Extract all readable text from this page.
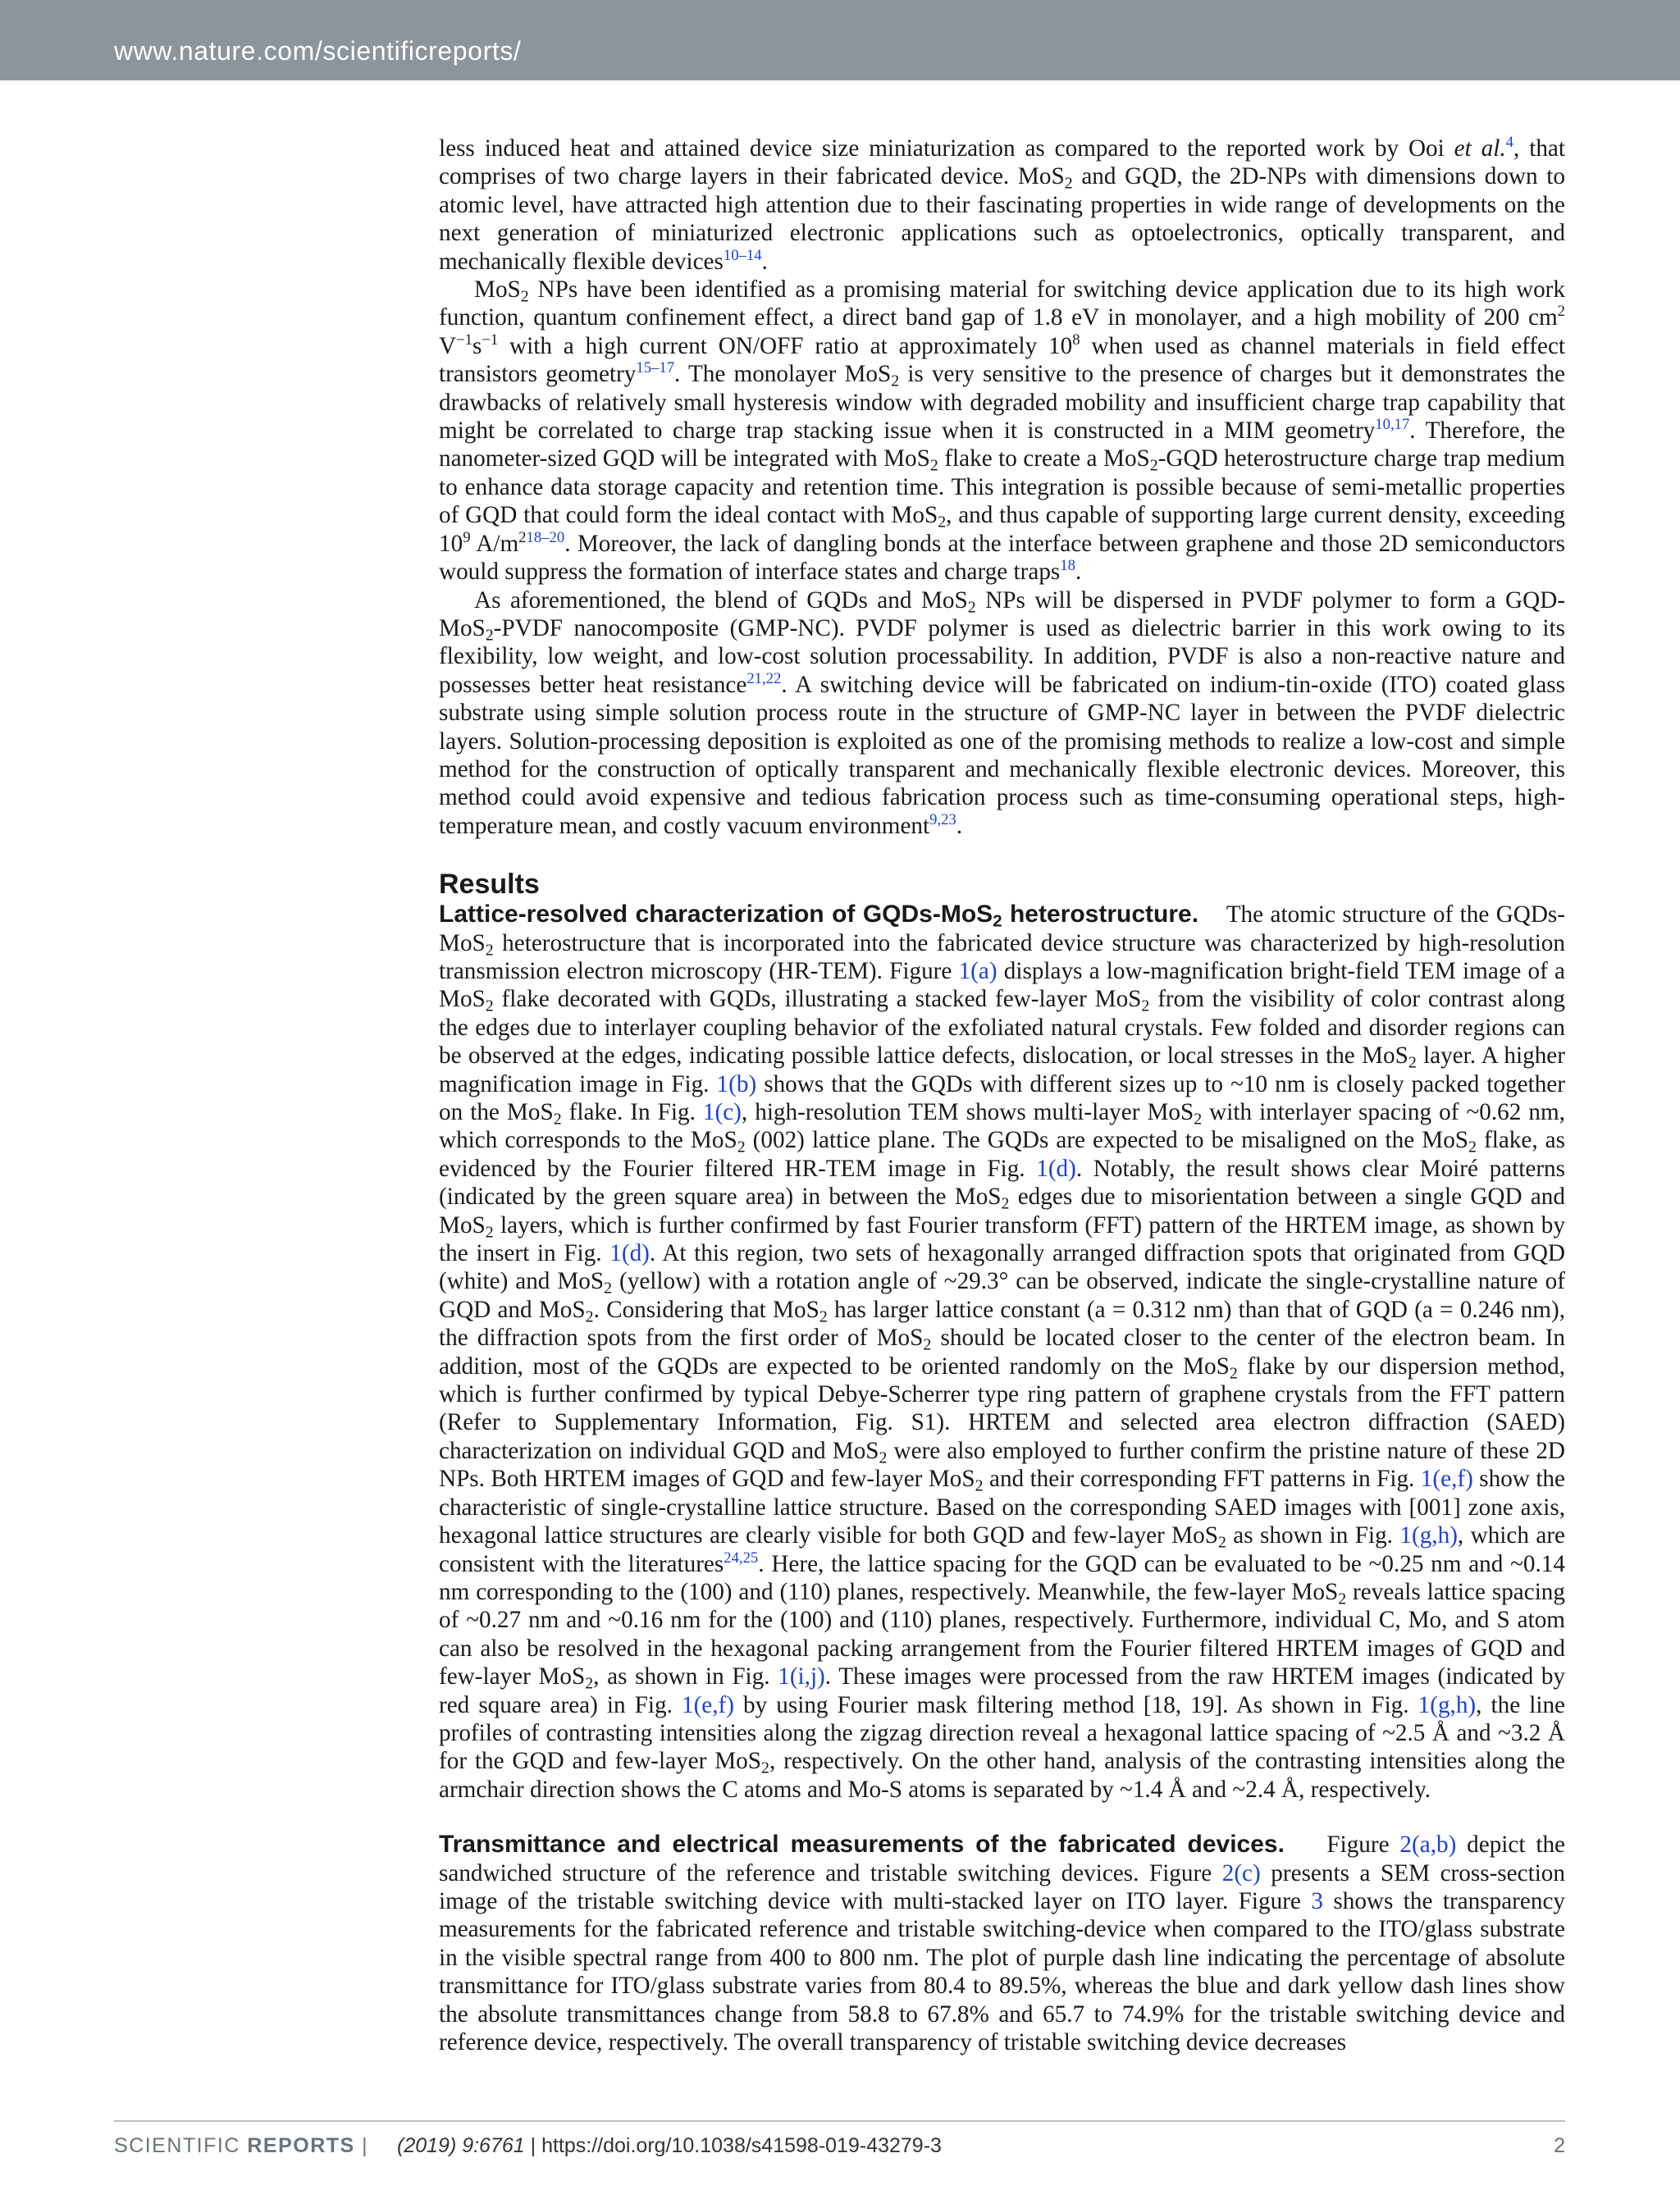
www.nature.com/scientificreports/

less induced heat and attained device size miniaturization as compared to the reported work by Ooi et al.$^4$, that comprises of two charge layers in their fabricated device. MoS$_2$ and GQD, the 2D-NPs with dimensions down to atomic level, have attracted high attention due to their fascinating properties in wide range of developments on the next generation of miniaturized electronic applications such as optoelectronics, optically transparent, and mechanically flexible devices$^{10-14}$.

MoS$_2$ NPs have been identified as a promising material for switching device application due to its high work function, quantum confinement effect, a direct band gap of 1.8 eV in monolayer, and a high mobility of 200 $cm^2$ $V^{-1}s^{-1}$ with a high current ON/OFF ratio at approximately $10^8$ when used as channel materials in field effect transistors geometry$^{15-17}$. The monolayer MoS$_2$ is very sensitive to the presence of charges but it demonstrates the drawbacks of relatively small hysteresis window with degraded mobility and insufficient charge trap capability that might be correlated to charge trap stacking issue when it is constructed in a MIM geometry$^{10,17}$. Therefore, the nanometer-sized GQD will be integrated with MoS$_2$ flake to create a MoS$_2$-GQD heterostructure charge trap medium to enhance data storage capacity and retention time. This integration is possible because of semi-metallic properties of GQD that could form the ideal contact with MoS$_2$, and thus capable of supporting large current density, exceeding $10^9$ A/m$^{218-20}$. Moreover, the lack of dangling bonds at the interface between graphene and those 2D semiconductors would suppress the formation of interface states and charge traps$^{18}$.

As aforementioned, the blend of GQDs and MoS$_2$ NPs will be dispersed in PVDF polymer to form a GQD-MoS$_2$-PVDF nanocomposite (GMP-NC). PVDF polymer is used as dielectric barrier in this work owing to its flexibility, low weight, and low-cost solution processability. In addition, PVDF is also a non-reactive nature and possesses better heat resistance$^{21,22}$. A switching device will be fabricated on indium-tin-oxide (ITO) coated glass substrate using simple solution process route in the structure of GMP-NC layer in between the PVDF dielectric layers. Solution-processing deposition is exploited as one of the promising methods to realize a low-cost and simple method for the construction of optically transparent and mechanically flexible electronic devices. Moreover, this method could avoid expensive and tedious fabrication process such as time-consuming operational steps, high-temperature mean, and costly vacuum environment$^{9,23}$.

Results

Lattice-resolved characterization of GQDs-MoS$_2$ heterostructure. The atomic structure of the GQDs-MoS$_2$ heterostructure that is incorporated into the fabricated device structure was characterized by high-resolution transmission electron microscopy (HR-TEM). Figure 1(a) displays a low-magnification bright-field TEM image of a MoS$_2$ flake decorated with GQDs, illustrating a stacked few-layer MoS$_2$ from the visibility of color contrast along the edges due to interlayer coupling behavior of the exfoliated natural crystals. Few folded and disorder regions can be observed at the edges, indicating possible lattice defects, dislocation, or local stresses in the MoS$_2$ layer. A higher magnification image in Fig. 1(b) shows that the GQDs with different sizes up to ~10 nm is closely packed together on the MoS$_2$ flake. In Fig. 1(c), high-resolution TEM shows multi-layer MoS$_2$ with interlayer spacing of ~0.62 nm, which corresponds to the MoS$_2$ (002) lattice plane. The GQDs are expected to be misaligned on the MoS$_2$ flake, as evidenced by the Fourier filtered HR-TEM image in Fig. 1(d). Notably, the result shows clear Moiré patterns (indicated by the green square area) in between the MoS$_2$ edges due to misorientation between a single GQD and MoS$_2$ layers, which is further confirmed by fast Fourier transform (FFT) pattern of the HRTEM image, as shown by the insert in Fig. 1(d). At this region, two sets of hexagonally arranged diffraction spots that originated from GQD (white) and MoS$_2$ (yellow) with a rotation angle of ~29.3° can be observed, indicate the single-crystalline nature of GQD and MoS$_2$. Considering that MoS$_2$ has larger lattice constant (a = 0.312 nm) than that of GQD (a = 0.246 nm), the diffraction spots from the first order of MoS$_2$ should be located closer to the center of the electron beam. In addition, most of the GQDs are expected to be oriented randomly on the MoS$_2$ flake by our dispersion method, which is further confirmed by typical Debye-Scherrer type ring pattern of graphene crystals from the FFT pattern (Refer to Supplementary Information, Fig. S1). HRTEM and selected area electron diffraction (SAED) characterization on individual GQD and MoS$_2$ were also employed to further confirm the pristine nature of these 2D NPs. Both HRTEM images of GQD and few-layer MoS$_2$ and their corresponding FFT patterns in Fig. 1(e,f) show the characteristic of single-crystalline lattice structure. Based on the corresponding SAED images with [001] zone axis, hexagonal lattice structures are clearly visible for both GQD and few-layer MoS$_2$ as shown in Fig. 1(g,h), which are consistent with the literatures$^{24,25}$. Here, the lattice spacing for the GQD can be evaluated to be ~0.25 nm and ~0.14 nm corresponding to the (100) and (110) planes, respectively. Meanwhile, the few-layer MoS$_2$ reveals lattice spacing of ~0.27 nm and ~0.16 nm for the (100) and (110) planes, respectively. Furthermore, individual C, Mo, and S atom can also be resolved in the hexagonal packing arrangement from the Fourier filtered HRTEM images of GQD and few-layer MoS$_2$, as shown in Fig. 1(i,j). These images were processed from the raw HRTEM images (indicated by red square area) in Fig. 1(e,f) by using Fourier mask filtering method [18, 19]. As shown in Fig. 1(g,h), the line profiles of contrasting intensities along the zigzag direction reveal a hexagonal lattice spacing of ~2.5 Å and ~3.2 Å for the GQD and few-layer MoS$_2$, respectively. On the other hand, analysis of the contrasting intensities along the armchair direction shows the C atoms and Mo-S atoms is separated by ~1.4 Å and ~2.4 Å, respectively.

Transmittance and electrical measurements of the fabricated devices. Figure 2(a,b) depict the sandwiched structure of the reference and tristable switching devices. Figure 2(c) presents a SEM cross-section image of the tristable switching device with multi-stacked layer on ITO layer. Figure 3 shows the transparency measurements for the fabricated reference and tristable switching-device when compared to the ITO/glass substrate in the visible spectral range from 400 to 800 nm. The plot of purple dash line indicating the percentage of absolute transmittance for ITO/glass substrate varies from 80.4 to 89.5%, whereas the blue and dark yellow dash lines show the absolute transmittances change from 58.8 to 67.8% and 65.7 to 74.9% for the tristable switching device and reference device, respectively. The overall transparency of tristable switching device decreases

SCIENTIFIC REPORTS | (2019) 9:6761 | https://doi.org/10.1038/s41598-019-43279-3	2
